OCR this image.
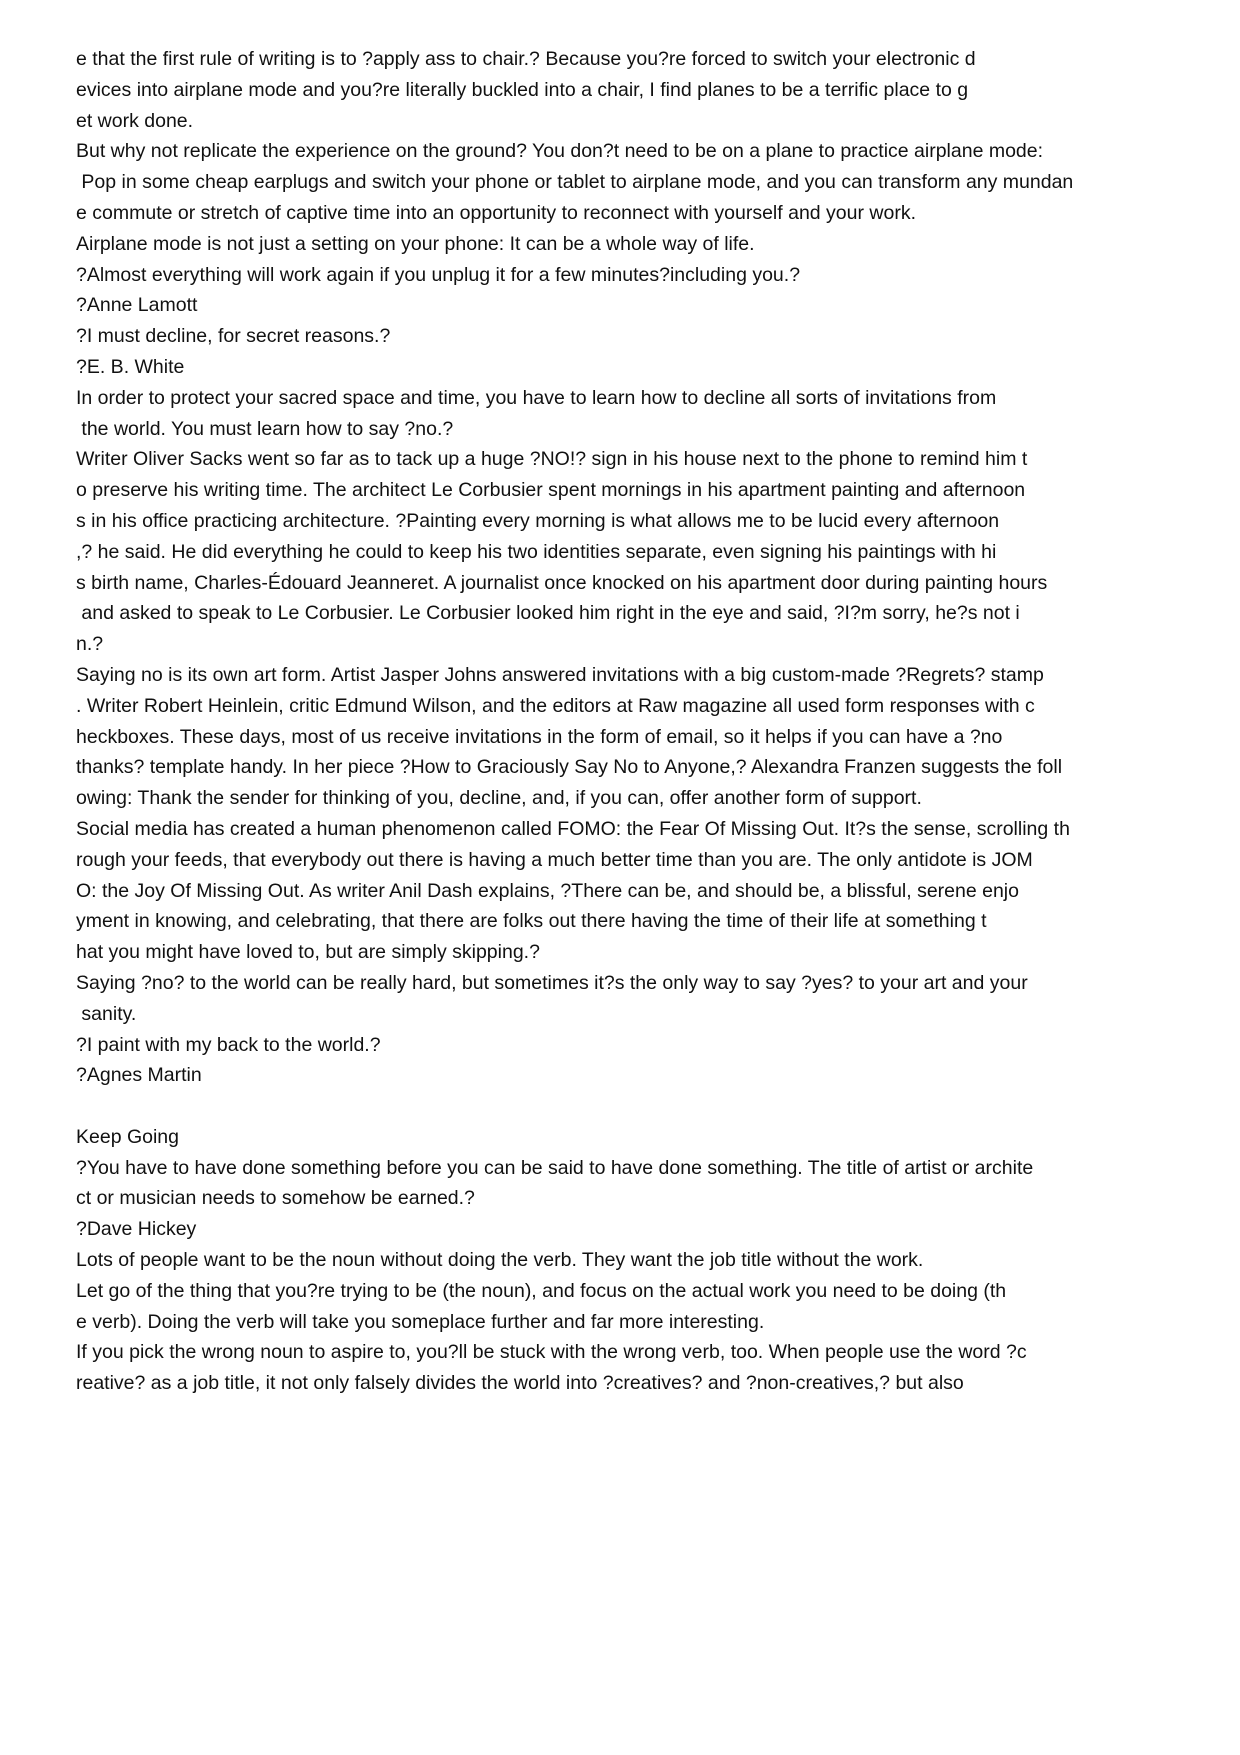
e that the first rule of writing is to ?apply ass to chair.? Because you?re forced to switch your electronic d
evices into airplane mode and you?re literally buckled into a chair, I find planes to be a terrific place to g
et work done.
But why not replicate the experience on the ground? You don?t need to be on a plane to practice airplane mode:
Pop in some cheap earplugs and switch your phone or tablet to airplane mode, and you can transform any mundan
e commute or stretch of captive time into an opportunity to reconnect with yourself and your work.
Airplane mode is not just a setting on your phone: It can be a whole way of life.
?Almost everything will work again if you unplug it for a few minutes?including you.?
?Anne Lamott
?I must decline, for secret reasons.?
?E. B. White
In order to protect your sacred space and time, you have to learn how to decline all sorts of invitations from
the world. You must learn how to say ?no.?
Writer Oliver Sacks went so far as to tack up a huge ?NO!? sign in his house next to the phone to remind him t
o preserve his writing time. The architect Le Corbusier spent mornings in his apartment painting and afternoon
s in his office practicing architecture. ?Painting every morning is what allows me to be lucid every afternoon
,? he said. He did everything he could to keep his two identities separate, even signing his paintings with hi
s birth name, Charles-Édouard Jeanneret. A journalist once knocked on his apartment door during painting hours
and asked to speak to Le Corbusier. Le Corbusier looked him right in the eye and said, ?I?m sorry, he?s not i
n.?
Saying no is its own art form. Artist Jasper Johns answered invitations with a big custom-made ?Regrets? stamp
. Writer Robert Heinlein, critic Edmund Wilson, and the editors at Raw magazine all used form responses with c
heckboxes. These days, most of us receive invitations in the form of email, so it helps if you can have a ?no
thanks? template handy. In her piece ?How to Graciously Say No to Anyone,? Alexandra Franzen suggests the foll
owing: Thank the sender for thinking of you, decline, and, if you can, offer another form of support.
Social media has created a human phenomenon called FOMO: the Fear Of Missing Out. It?s the sense, scrolling th
rough your feeds, that everybody out there is having a much better time than you are. The only antidote is JOM
O: the Joy Of Missing Out. As writer Anil Dash explains, ?There can be, and should be, a blissful, serene enjo
yment in knowing, and celebrating, that there are folks out there having the time of their life at something t
hat you might have loved to, but are simply skipping.?
Saying ?no? to the world can be really hard, but sometimes it?s the only way to say ?yes? to your art and your
sanity.
?I paint with my back to the world.?
?Agnes Martin
Keep Going
?You have to have done something before you can be said to have done something. The title of artist or archite
ct or musician needs to somehow be earned.?
?Dave Hickey
Lots of people want to be the noun without doing the verb. They want the job title without the work.
Let go of the thing that you?re trying to be (the noun), and focus on the actual work you need to be doing (th
e verb). Doing the verb will take you someplace further and far more interesting.
If you pick the wrong noun to aspire to, you?ll be stuck with the wrong verb, too. When people use the word ?c
reative? as a job title, it not only falsely divides the world into ?creatives? and ?non-creatives,? but also
